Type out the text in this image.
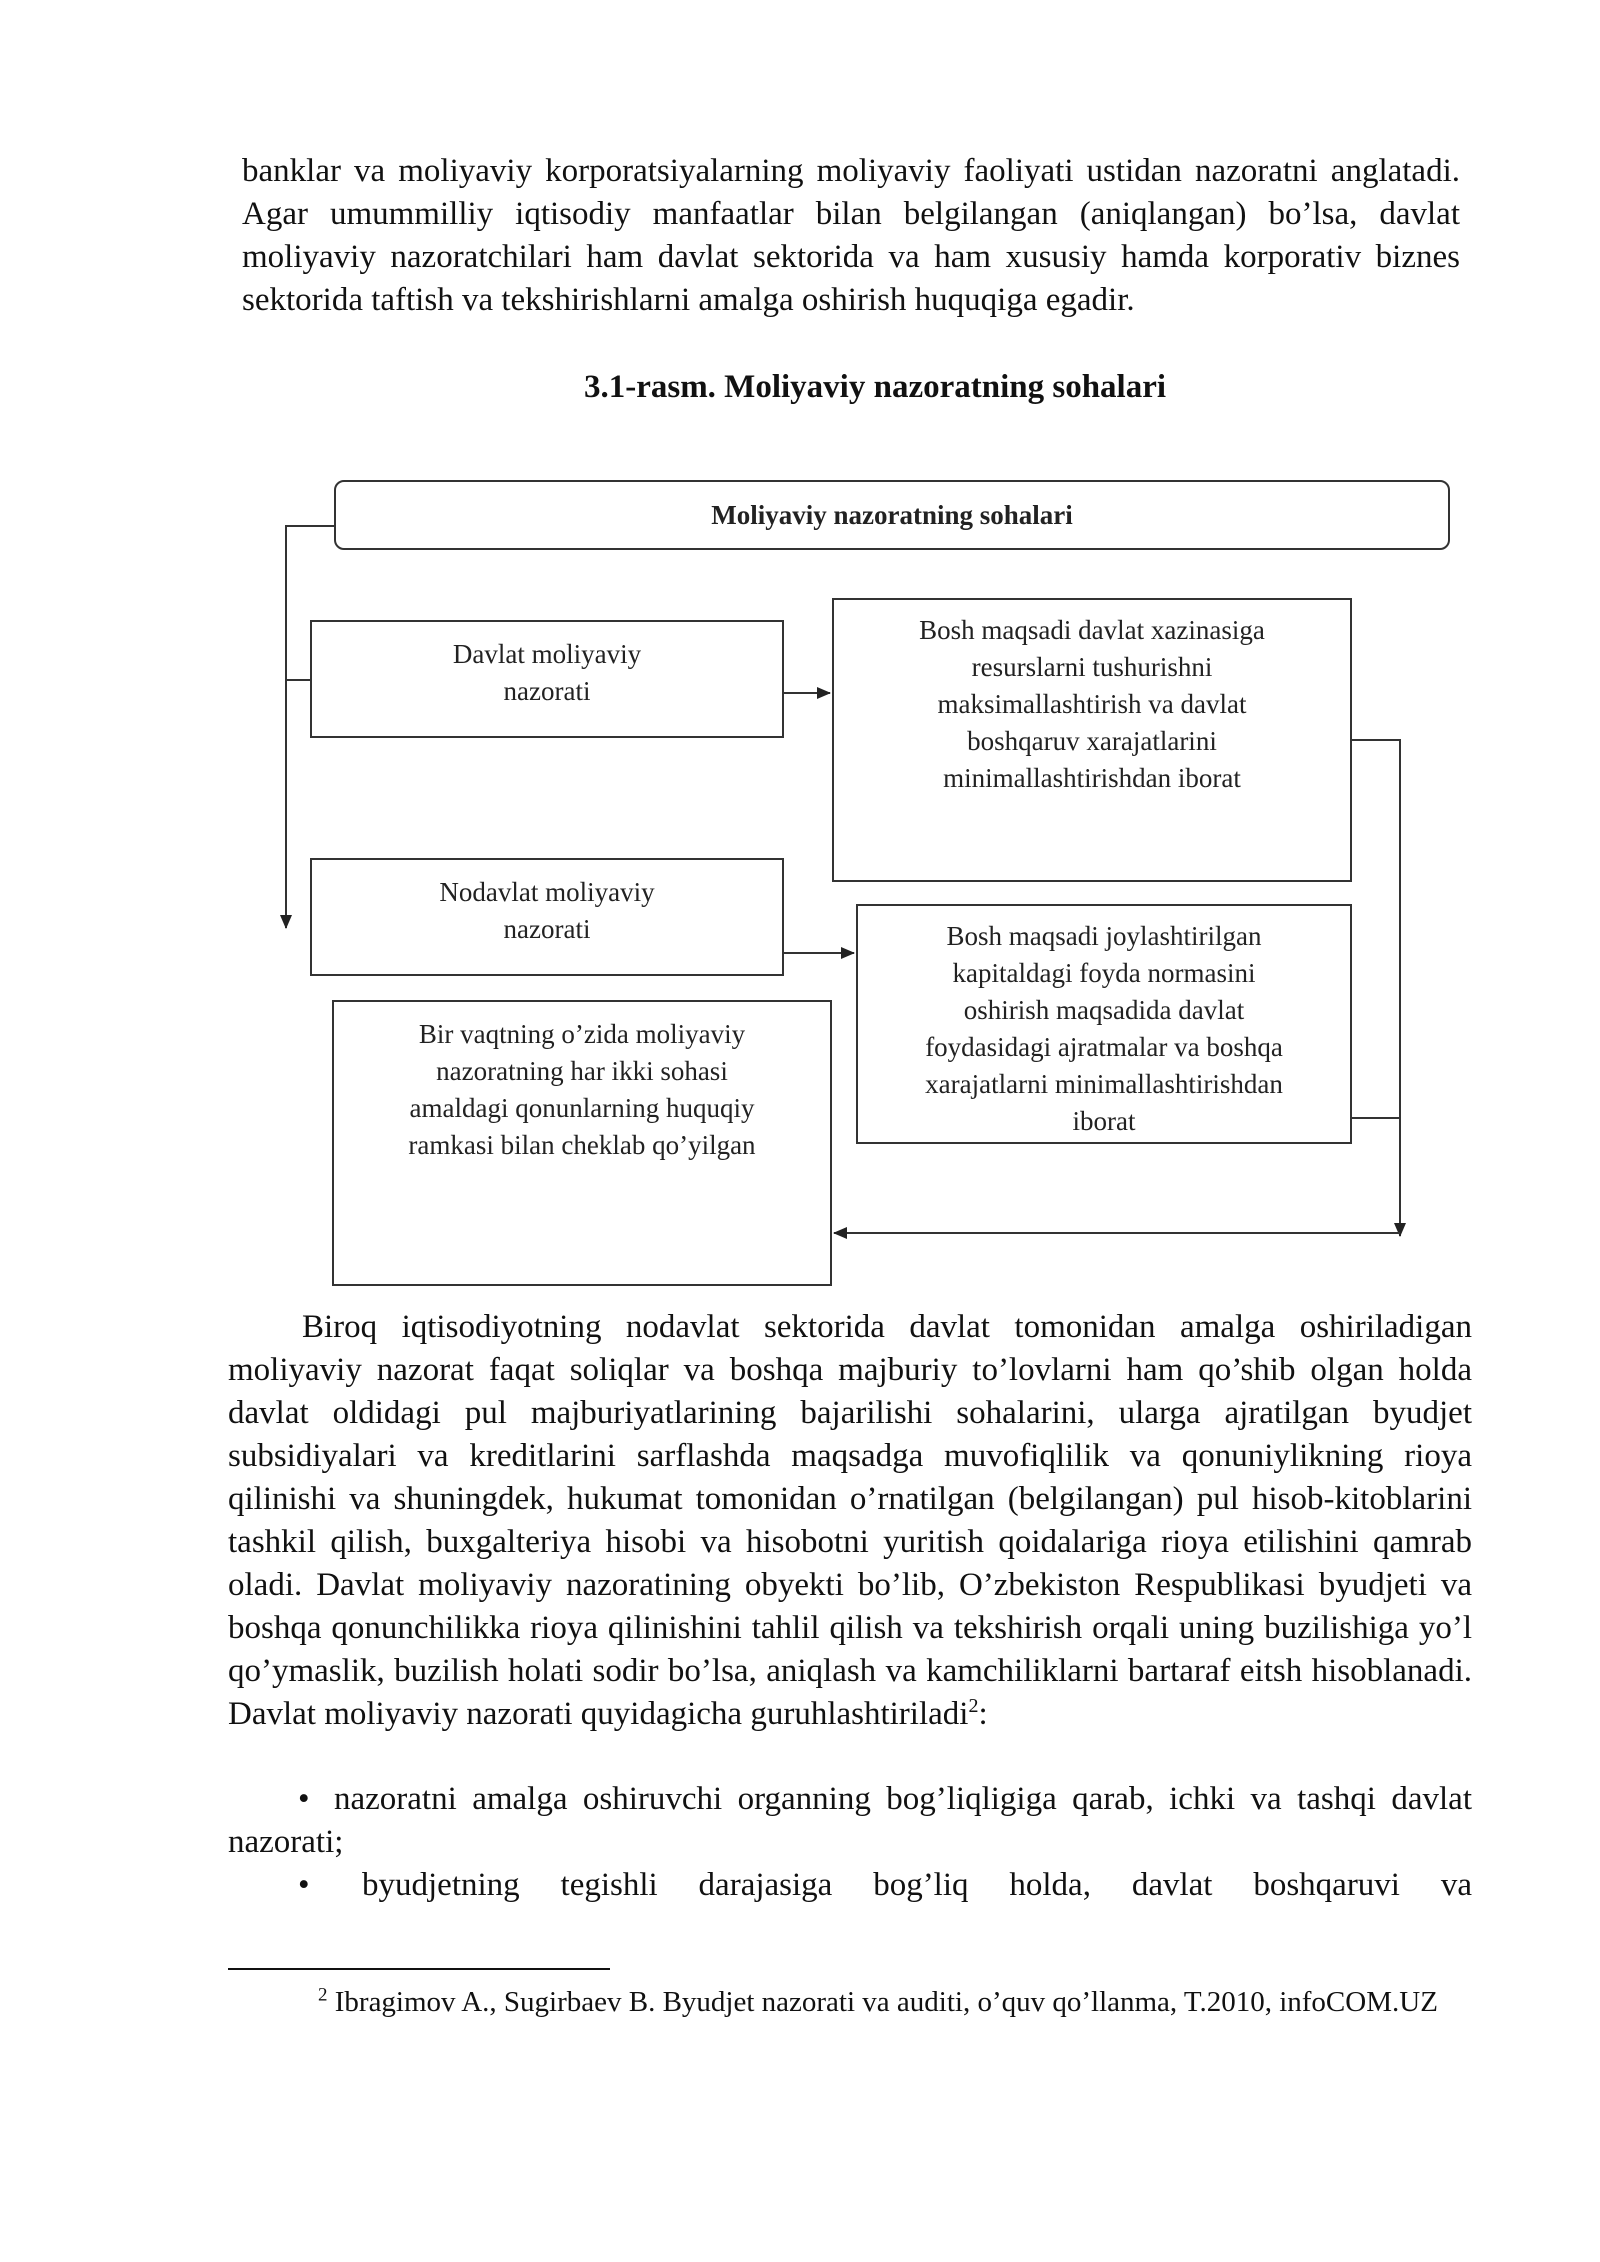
banklar va moliyaviy korporatsiyalarning moliyaviy faoliyati ustidan nazoratni anglatadi. Agar umummilliy iqtisodiy manfaatlar bilan belgilangan (aniqlangan) bo’lsa, davlat moliyaviy nazoratchilari ham davlat sektorida va ham xususiy hamda korporativ biznes sektorida taftish va tekshirishlarni amalga oshirish huquqiga egadir.

3.1-rasm. Moliyaviy nazoratning sohalari
Moliyaviy nazoratning sohalari
Davlat moliyaviy
nazorati
Bosh maqsadi davlat xazinasiga
resurslarni tushurishni
maksimallashtirish va davlat
boshqaruv xarajatlarini
minimallashtirishdan iborat
Nodavlat moliyaviy
nazorati	Bosh maqsadi joylashtirilgan
kapitaldagi foyda normasini
oshirish maqsadida davlat
foydasidagi ajratmalar va boshqa
xarajatlarni minimallashtirishdan
iborat
Bir vaqtning o’zida moliyaviy
nazoratning har ikki sohasi
amaldagi qonunlarning huquqiy
ramkasi bilan cheklab qo’yilgan

Biroq iqtisodiyotning nodavlat sektorida davlat tomonidan amalga oshiriladigan moliyaviy nazorat faqat soliqlar va boshqa majburiy to’lovlarni ham qo’shib olgan holda davlat oldidagi pul majburiyatlarining bajarilishi sohalarini, ularga ajratilgan byudjet subsidiyalari va kreditlarini sarflashda maqsadga muvofiqlilik va qonuniylikning rioya qilinishi va shuningdek, hukumat tomonidan o’rnatilgan (belgilangan) pul hisob-kitoblarini tashkil qilish, buxgalteriya hisobi va hisobotni yuritish qoidalariga rioya etilishini qamrab oladi. Davlat moliyaviy nazoratining obyekti bo’lib, O’zbekiston Respublikasi byudjeti va boshqa qonunchilikka rioya qilinishini tahlil qilish va tekshirish orqali uning buzilishiga yo’l qo’ymaslik, buzilish holati sodir bo’lsa, aniqlash va kamchiliklarni bartaraf eitsh hisoblanadi. Davlat moliyaviy nazorati quyidagicha guruhlashtiriladi$^2$:

• nazoratni amalga oshiruvchi organning bog’liqligiga qarab, ichki va tashqi davlat nazorati;

• byudjetning tegishli darajasiga bog’liq holda, davlat boshqaruvi va

$^2$ Ibragimov A., Sugirbaev B. Byudjet nazorati va auditi, o’quv qo’llanma, T.2010, infoCOM.UZ
